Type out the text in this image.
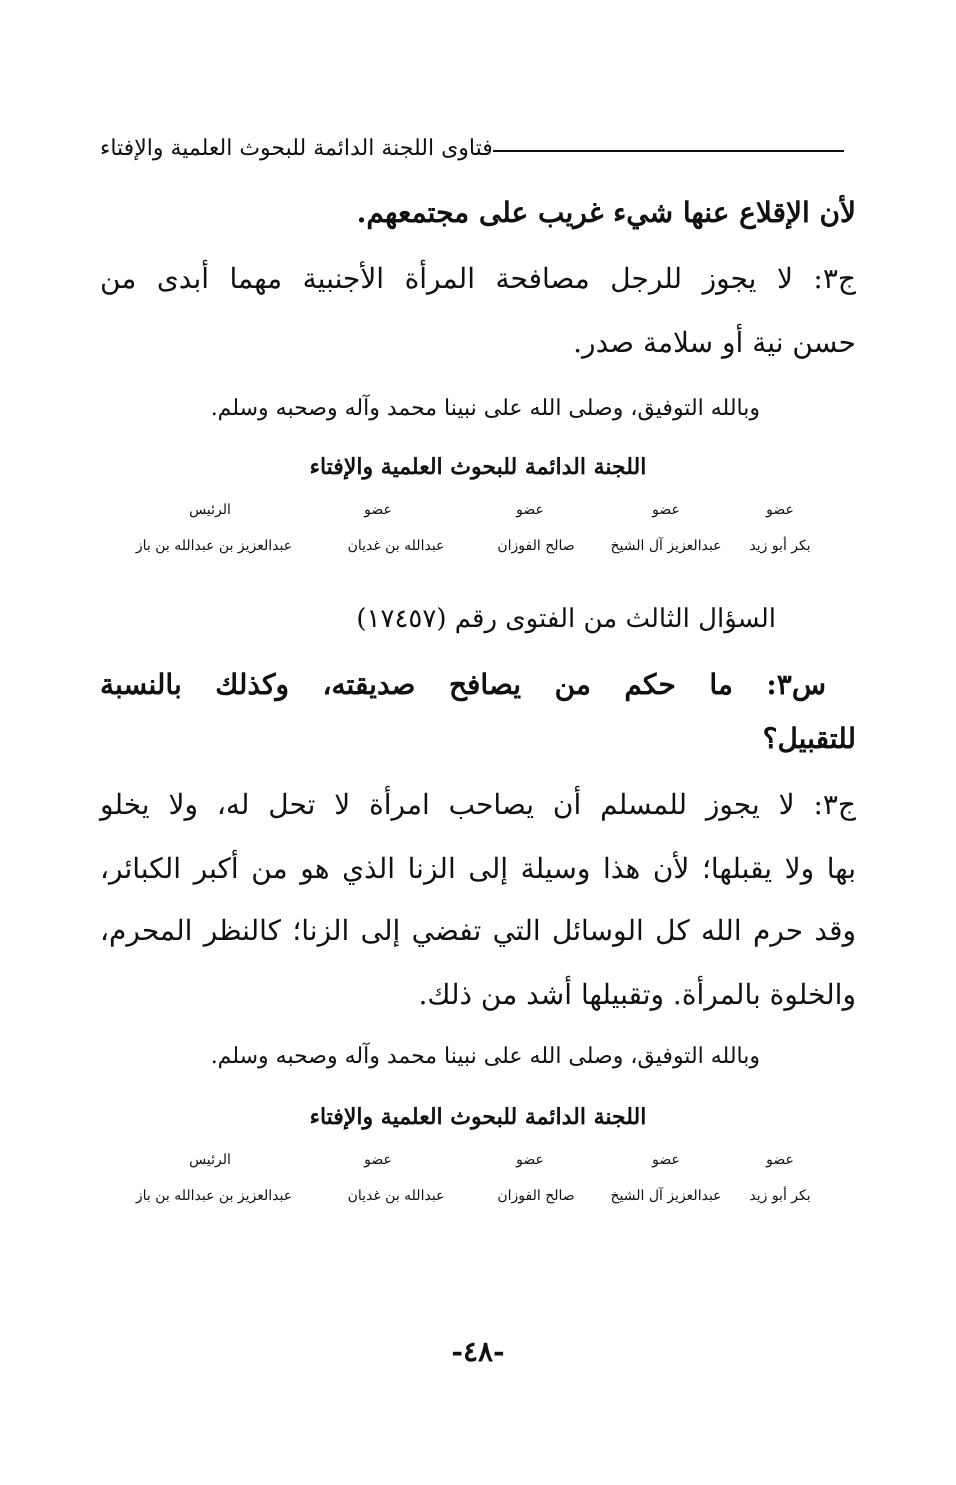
فتاوى اللجنة الدائمة للبحوث العلمية والإفتاء
لأن الإقلاع عنها شيء غريب على مجتمعهم.
ج٣: لا يجوز للرجل مصافحة المرأة الأجنبية مهما أبدى من
حسن نية أو سلامة صدر.
وبالله التوفيق، وصلى الله على نبينا محمد وآله وصحبه وسلم.
اللجنة الدائمة للبحوث العلمية والإفتاء
عضو
عضو
عضو
عضو
الرئيس
بكر أبو زيد
عبدالعزيز آل الشيخ
صالح الفوزان
عبدالله بن غديان
عبدالعزيز بن عبدالله بن باز
السؤال الثالث من الفتوى رقم (١٧٤٥٧)
س٣: ما حكم من يصافح صديقته، وكذلك بالنسبة
للتقبيل؟
ج٣: لا يجوز للمسلم أن يصاحب امرأة لا تحل له، ولا يخلو
بها ولا يقبلها؛ لأن هذا وسيلة إلى الزنا الذي هو من أكبر الكبائر،
وقد حرم الله كل الوسائل التي تفضي إلى الزنا؛ كالنظر المحرم،
والخلوة بالمرأة. وتقبيلها أشد من ذلك.
وبالله التوفيق، وصلى الله على نبينا محمد وآله وصحبه وسلم.
اللجنة الدائمة للبحوث العلمية والإفتاء
عضو
عضو
عضو
عضو
الرئيس
بكر أبو زيد
عبدالعزيز آل الشيخ
صالح الفوزان
عبدالله بن غديان
عبدالعزيز بن عبدالله بن باز
-٤٨-
